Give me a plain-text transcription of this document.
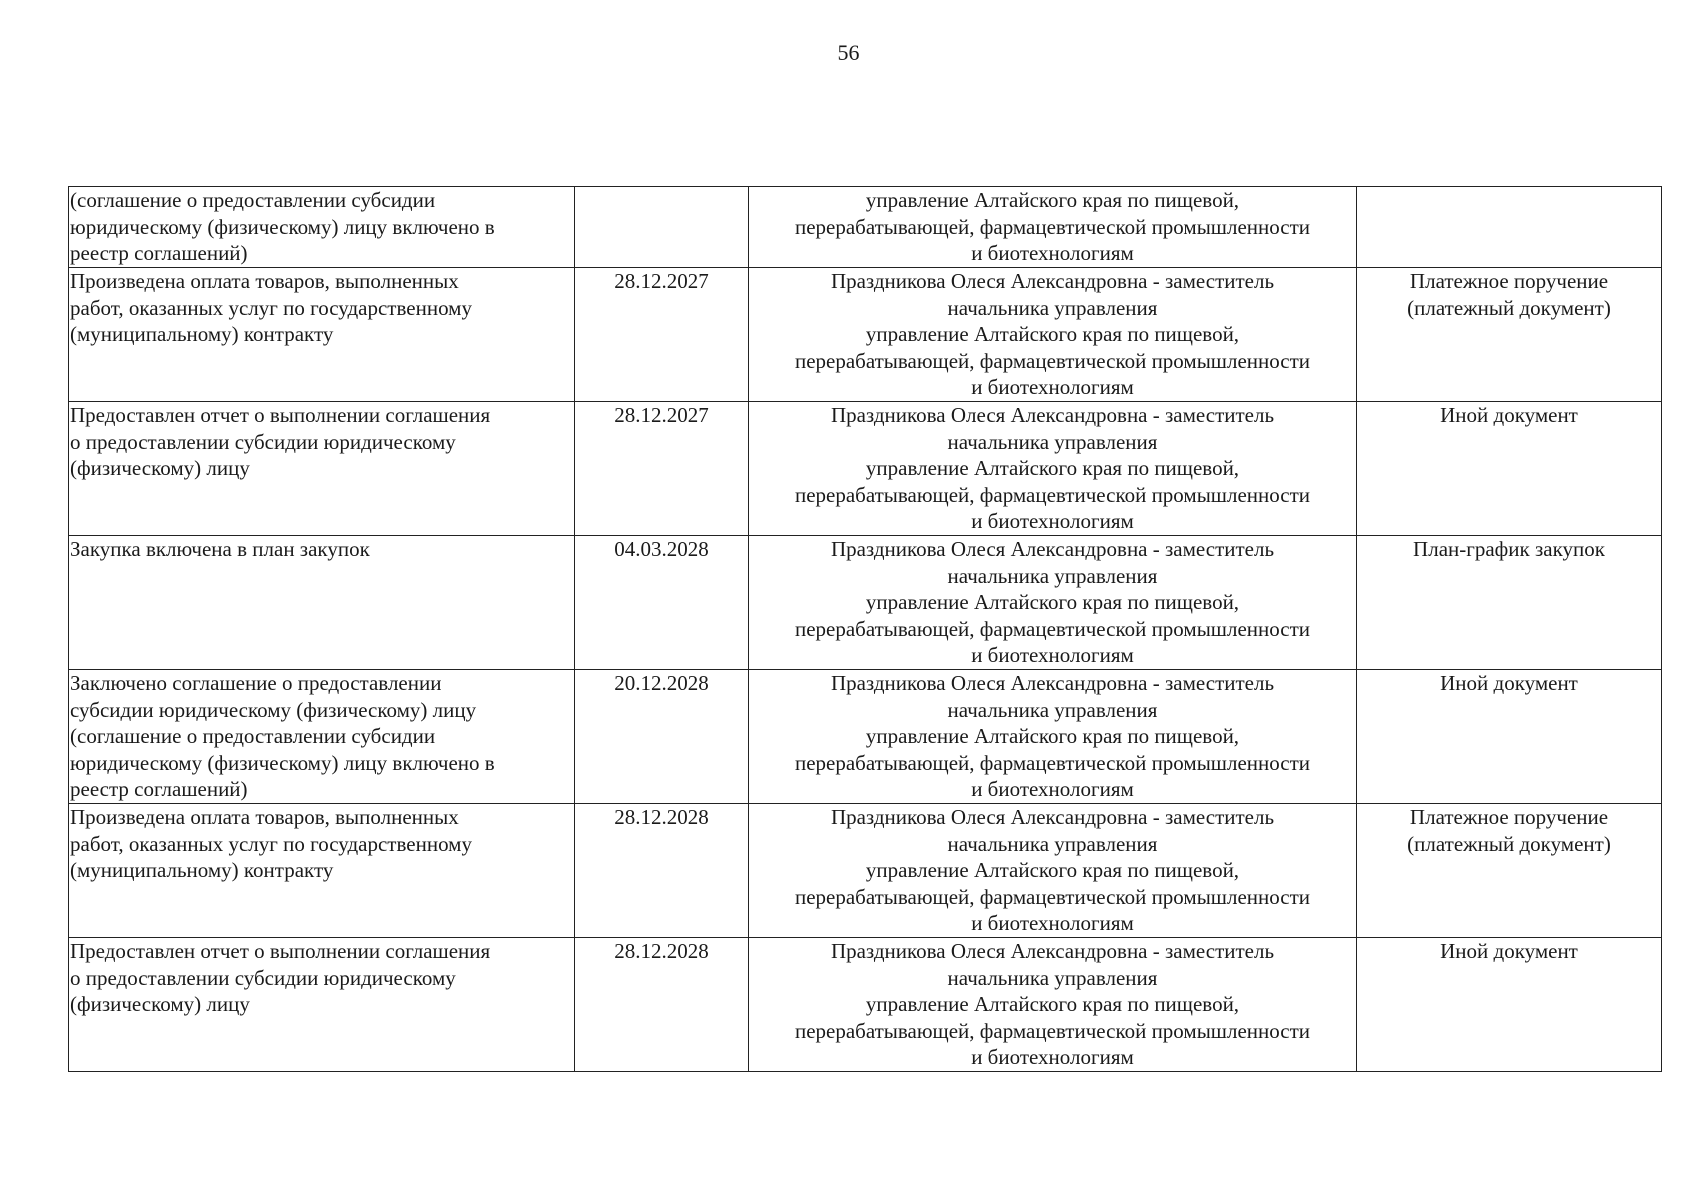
56
(соглашение о предоставлении субсидии
юридическому (физическому) лицу включено в
реестр соглашений)		управление Алтайского края по пищевой,
перерабатывающей, фармацевтической промышленности
и биотехнологиям	

Произведена оплата товаров, выполненных
работ, оказанных услуг по государственному
(муниципальному) контракту	28.12.2027	Праздникова Олеся Александровна - заместитель
начальника управления
управление Алтайского края по пищевой,
перерабатывающей, фармацевтической промышленности
и биотехнологиям	Платежное поручение
(платежный документ)

Предоставлен отчет о выполнении соглашения
о предоставлении субсидии юридическому
(физическому) лицу	28.12.2027	Праздникова Олеся Александровна - заместитель
начальника управления
управление Алтайского края по пищевой,
перерабатывающей, фармацевтической промышленности
и биотехнологиям	Иной документ

Закупка включена в план закупок	04.03.2028	Праздникова Олеся Александровна - заместитель
начальника управления
управление Алтайского края по пищевой,
перерабатывающей, фармацевтической промышленности
и биотехнологиям	План-график закупок

Заключено соглашение о предоставлении
субсидии юридическому (физическому) лицу
(соглашение о предоставлении субсидии
юридическому (физическому) лицу включено в
реестр соглашений)	20.12.2028	Праздникова Олеся Александровна - заместитель
начальника управления
управление Алтайского края по пищевой,
перерабатывающей, фармацевтической промышленности
и биотехнологиям	Иной документ

Произведена оплата товаров, выполненных
работ, оказанных услуг по государственному
(муниципальному) контракту	28.12.2028	Праздникова Олеся Александровна - заместитель
начальника управления
управление Алтайского края по пищевой,
перерабатывающей, фармацевтической промышленности
и биотехнологиям	Платежное поручение
(платежный документ)

Предоставлен отчет о выполнении соглашения
о предоставлении субсидии юридическому
(физическому) лицу	28.12.2028	Праздникова Олеся Александровна - заместитель
начальника управления
управление Алтайского края по пищевой,
перерабатывающей, фармацевтической промышленности
и биотехнологиям	Иной документ
